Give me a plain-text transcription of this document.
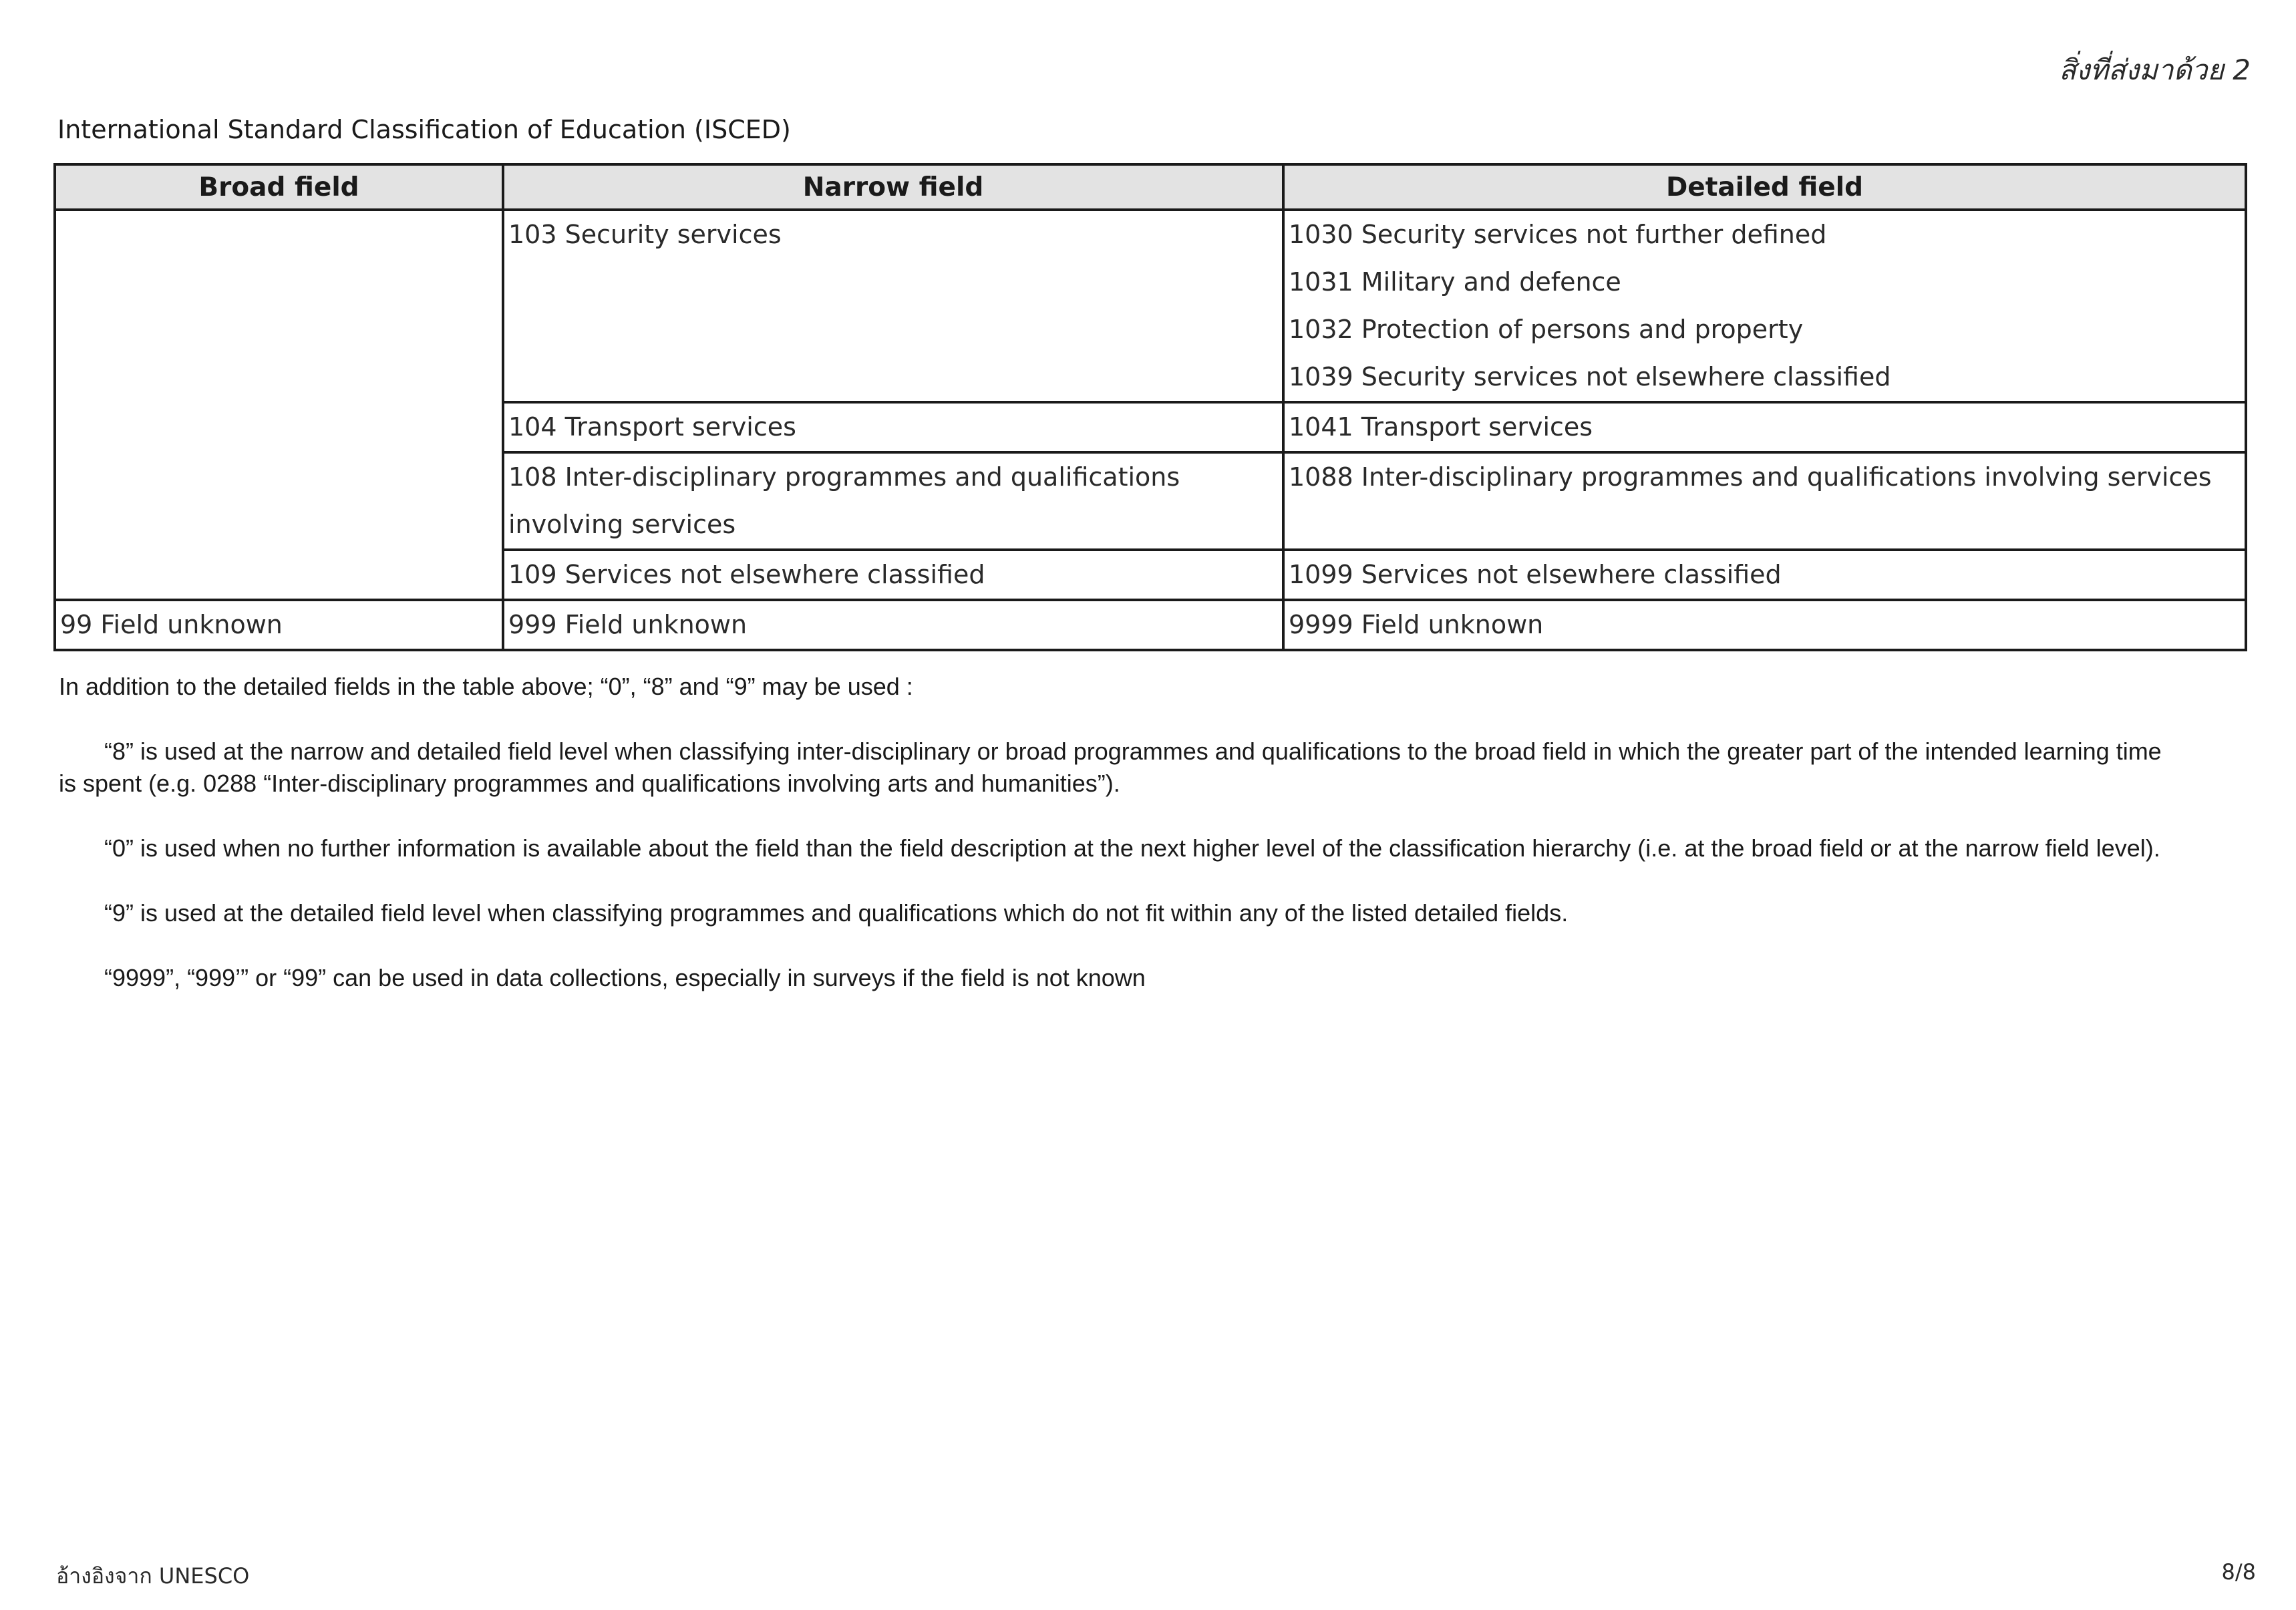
สิ่งที่ส่งมาด้วย 2
International Standard Classification of Education (ISCED)
Broad field	Narrow field	Detailed field
	103 Security services	1030 Security services not further defined
1031 Military and defence
1032 Protection of persons and property
1039 Security services not elsewhere classified

	104 Transport services	1041 Transport services

	108 Inter-disciplinary programmes and qualifications involving services	1088 Inter-disciplinary programmes and qualifications involving services

	109 Services not elsewhere classified	1099 Services not elsewhere classified

99 Field unknown	999 Field unknown	9999 Field unknown

In addition to the detailed fields in the table above; “0”, “8” and “9” may be used :

“8” is used at the narrow and detailed field level when classifying inter-disciplinary or broad programmes and qualifications to the broad field in which the greater part of the intended learning time is spent (e.g. 0288 “Inter-disciplinary programmes and qualifications involving arts and humanities”).

“0” is used when no further information is available about the field than the field description at the next higher level of the classification hierarchy (i.e. at the broad field or at the narrow field level).

“9” is used at the detailed field level when classifying programmes and qualifications which do not fit within any of the listed detailed fields.

“9999”, “999’” or “99” can be used in data collections, especially in surveys if the field is not known

อ้างอิงจาก UNESCO	8/8
